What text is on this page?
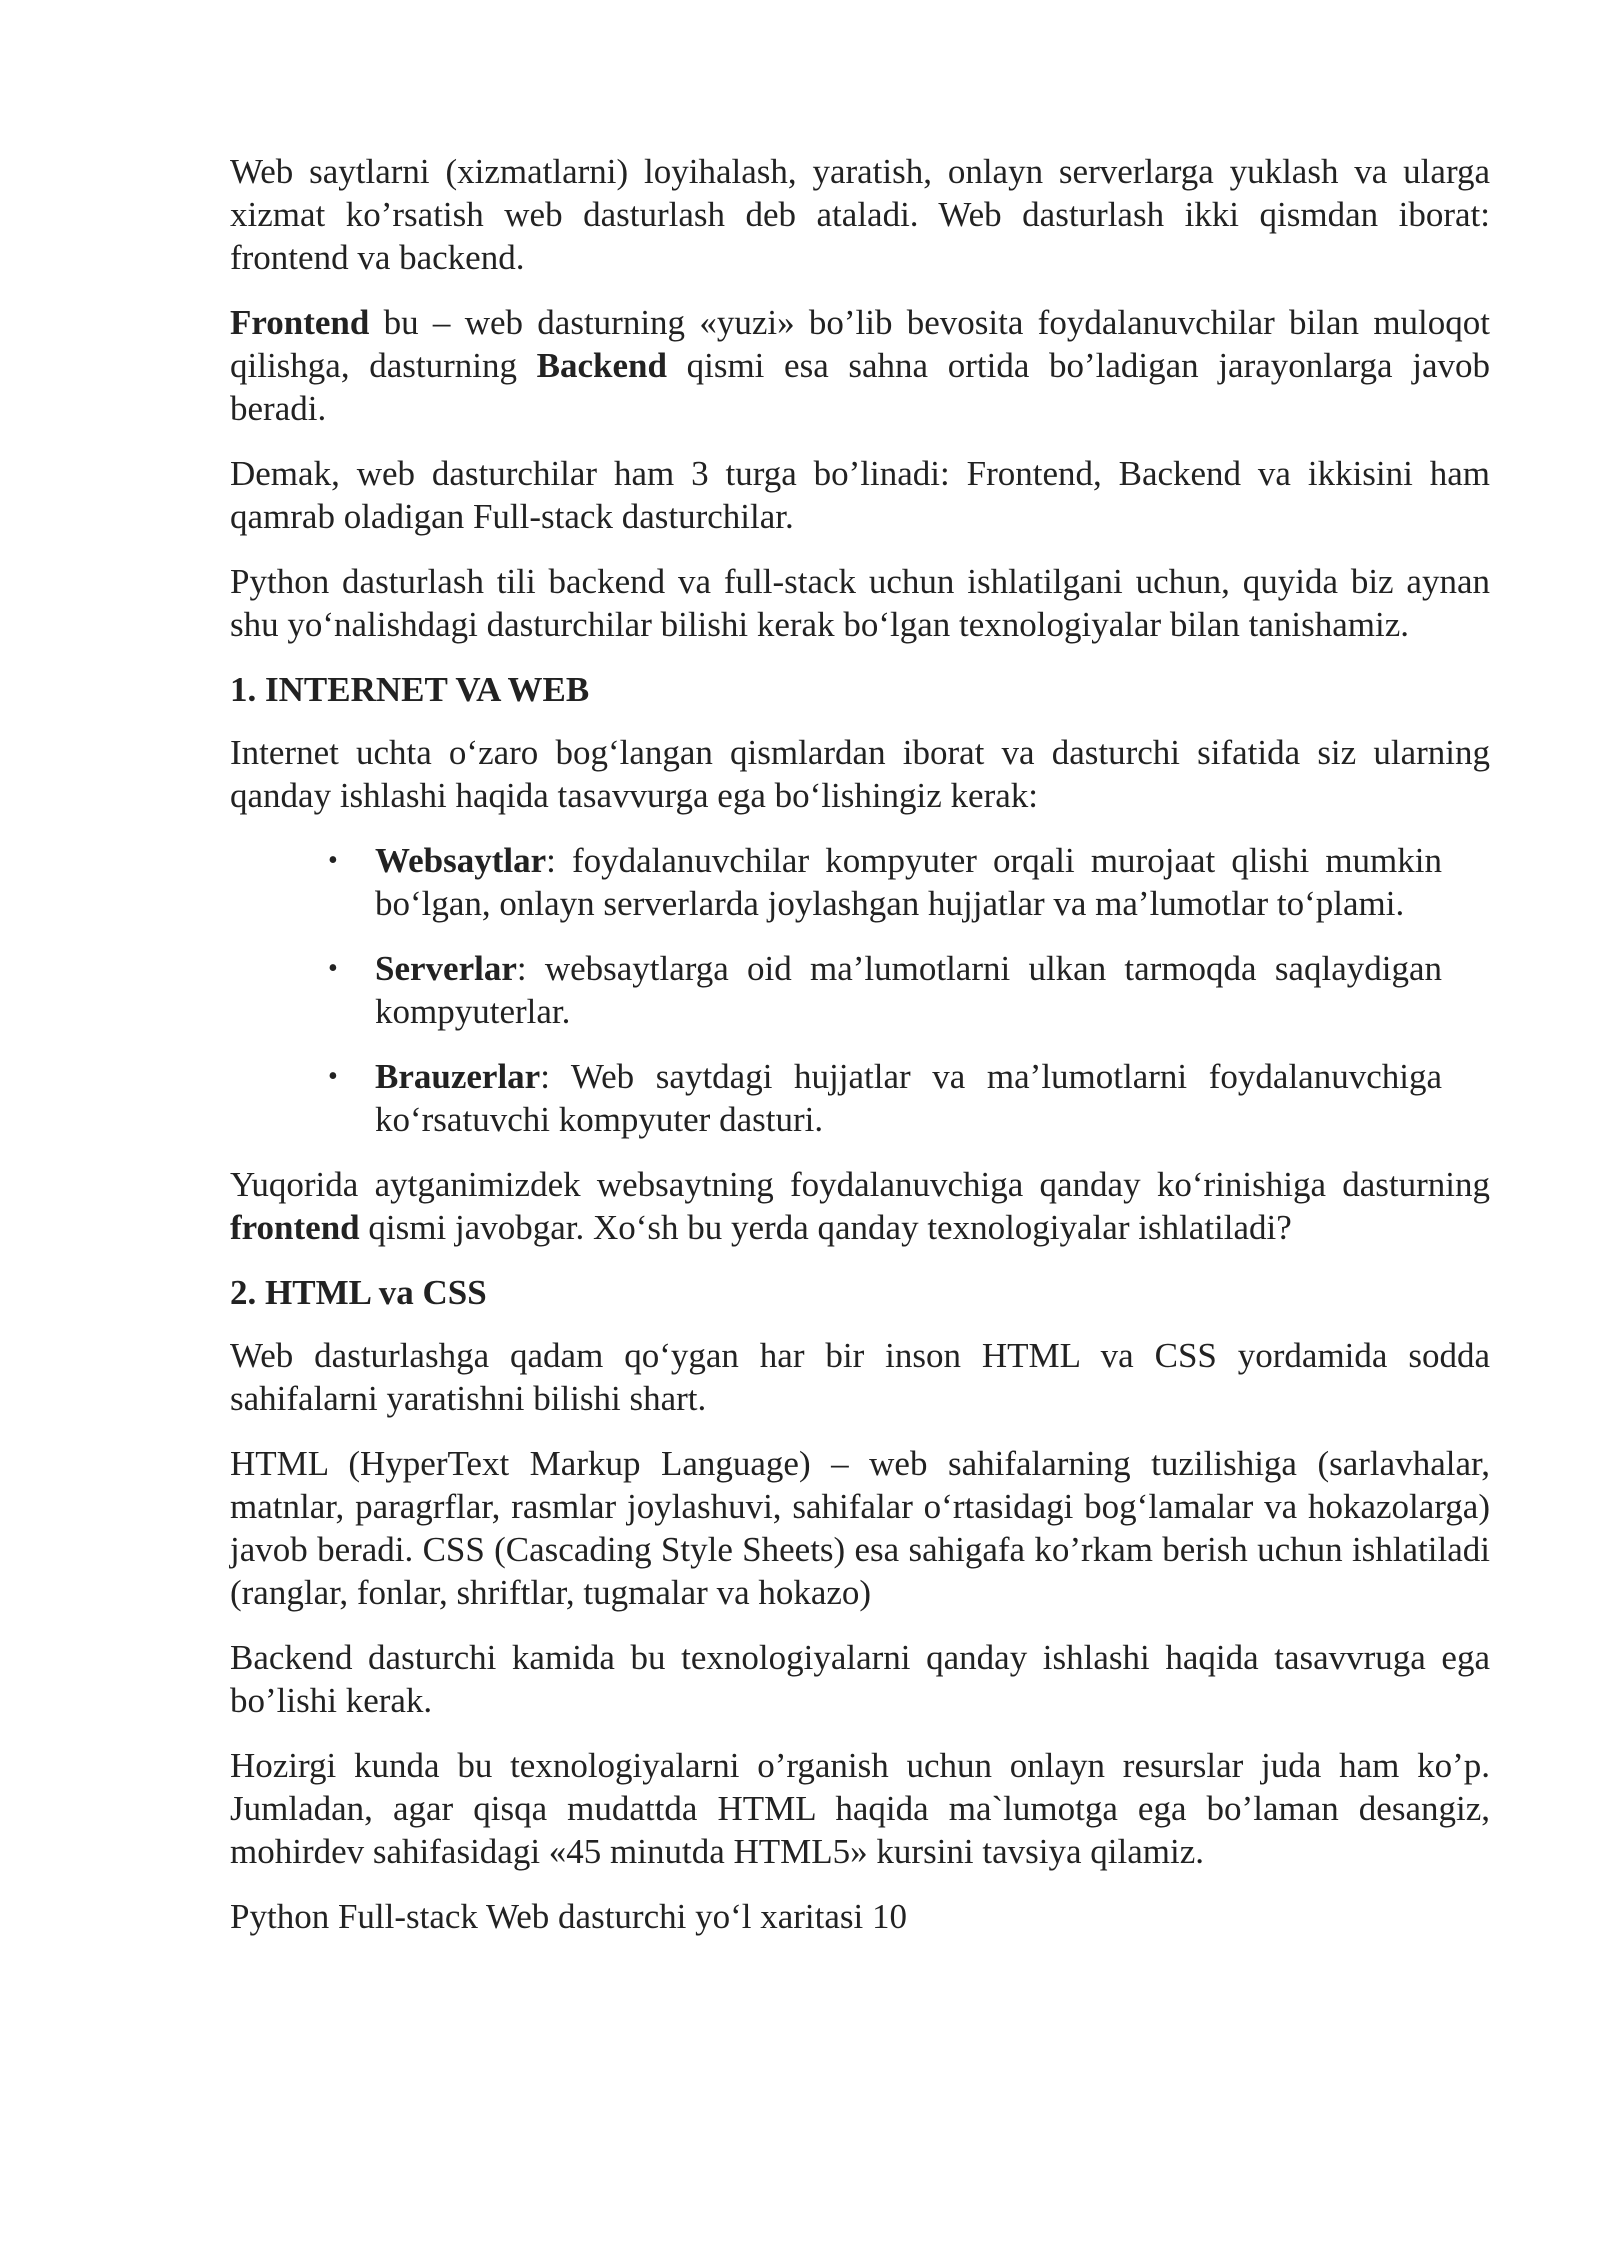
Web saytlarni (xizmatlarni) loyihalash, yaratish, onlayn serverlarga yuklash va ularga xizmat ko’rsatish web dasturlash deb ataladi. Web dasturlash ikki qismdan iborat: frontend va backend.

Frontend bu – web dasturning «yuzi» bo’lib bevosita foydalanuvchilar bilan muloqot qilishga, dasturning Backend qismi esa sahna ortida bo’ladigan jarayonlarga javob beradi.

Demak, web dasturchilar ham 3 turga bo’linadi: Frontend, Backend va ikkisini ham qamrab oladigan Full-stack dasturchilar.

Python dasturlash tili backend va full-stack uchun ishlatilgani uchun, quyida biz aynan shu yo‘nalishdagi dasturchilar bilishi kerak bo‘lgan texnologiyalar bilan tanishamiz.

1. INTERNET VA WEB

Internet uchta o‘zaro bog‘langan qismlardan iborat va dasturchi sifatida siz ularning qanday ishlashi haqida tasavvurga ega bo‘lishingiz kerak:

• Websaytlar: foydalanuvchilar kompyuter orqali murojaat qlishi mumkin bo‘lgan, onlayn serverlarda joylashgan hujjatlar va ma’lumotlar to‘plami.
• Serverlar: websaytlarga oid ma’lumotlarni ulkan tarmoqda saqlaydigan kompyuterlar.
• Brauzerlar: Web saytdagi hujjatlar va ma’lumotlarni foydalanuvchiga ko‘rsatuvchi kompyuter dasturi.

Yuqorida aytganimizdek websaytning foydalanuvchiga qanday ko‘rinishiga dasturning frontend qismi javobgar. Xo‘sh bu yerda qanday texnologiyalar ishlatiladi?

2. HTML va CSS

Web dasturlashga qadam qo‘ygan har bir inson HTML va CSS yordamida sodda sahifalarni yaratishni bilishi shart.

HTML (HyperText Markup Language) – web sahifalarning tuzilishiga (sarlavhalar, matnlar, paragrflar, rasmlar joylashuvi, sahifalar o‘rtasidagi bog‘lamalar va hokazolarga) javob beradi. CSS (Cascading Style Sheets) esa sahigafa ko’rkam berish uchun ishlatiladi (ranglar, fonlar, shriftlar, tugmalar va hokazo)

Backend dasturchi kamida bu texnologiyalarni qanday ishlashi haqida tasavvruga ega bo’lishi kerak.

Hozirgi kunda bu texnologiyalarni o’rganish uchun onlayn resurslar juda ham ko’p. Jumladan, agar qisqa mudattda HTML haqida ma`lumotga ega bo’laman desangiz, mohirdev sahifasidagi «45 minutda HTML5» kursini tavsiya qilamiz.

Python Full-stack Web dasturchi yo‘l xaritasi 10
